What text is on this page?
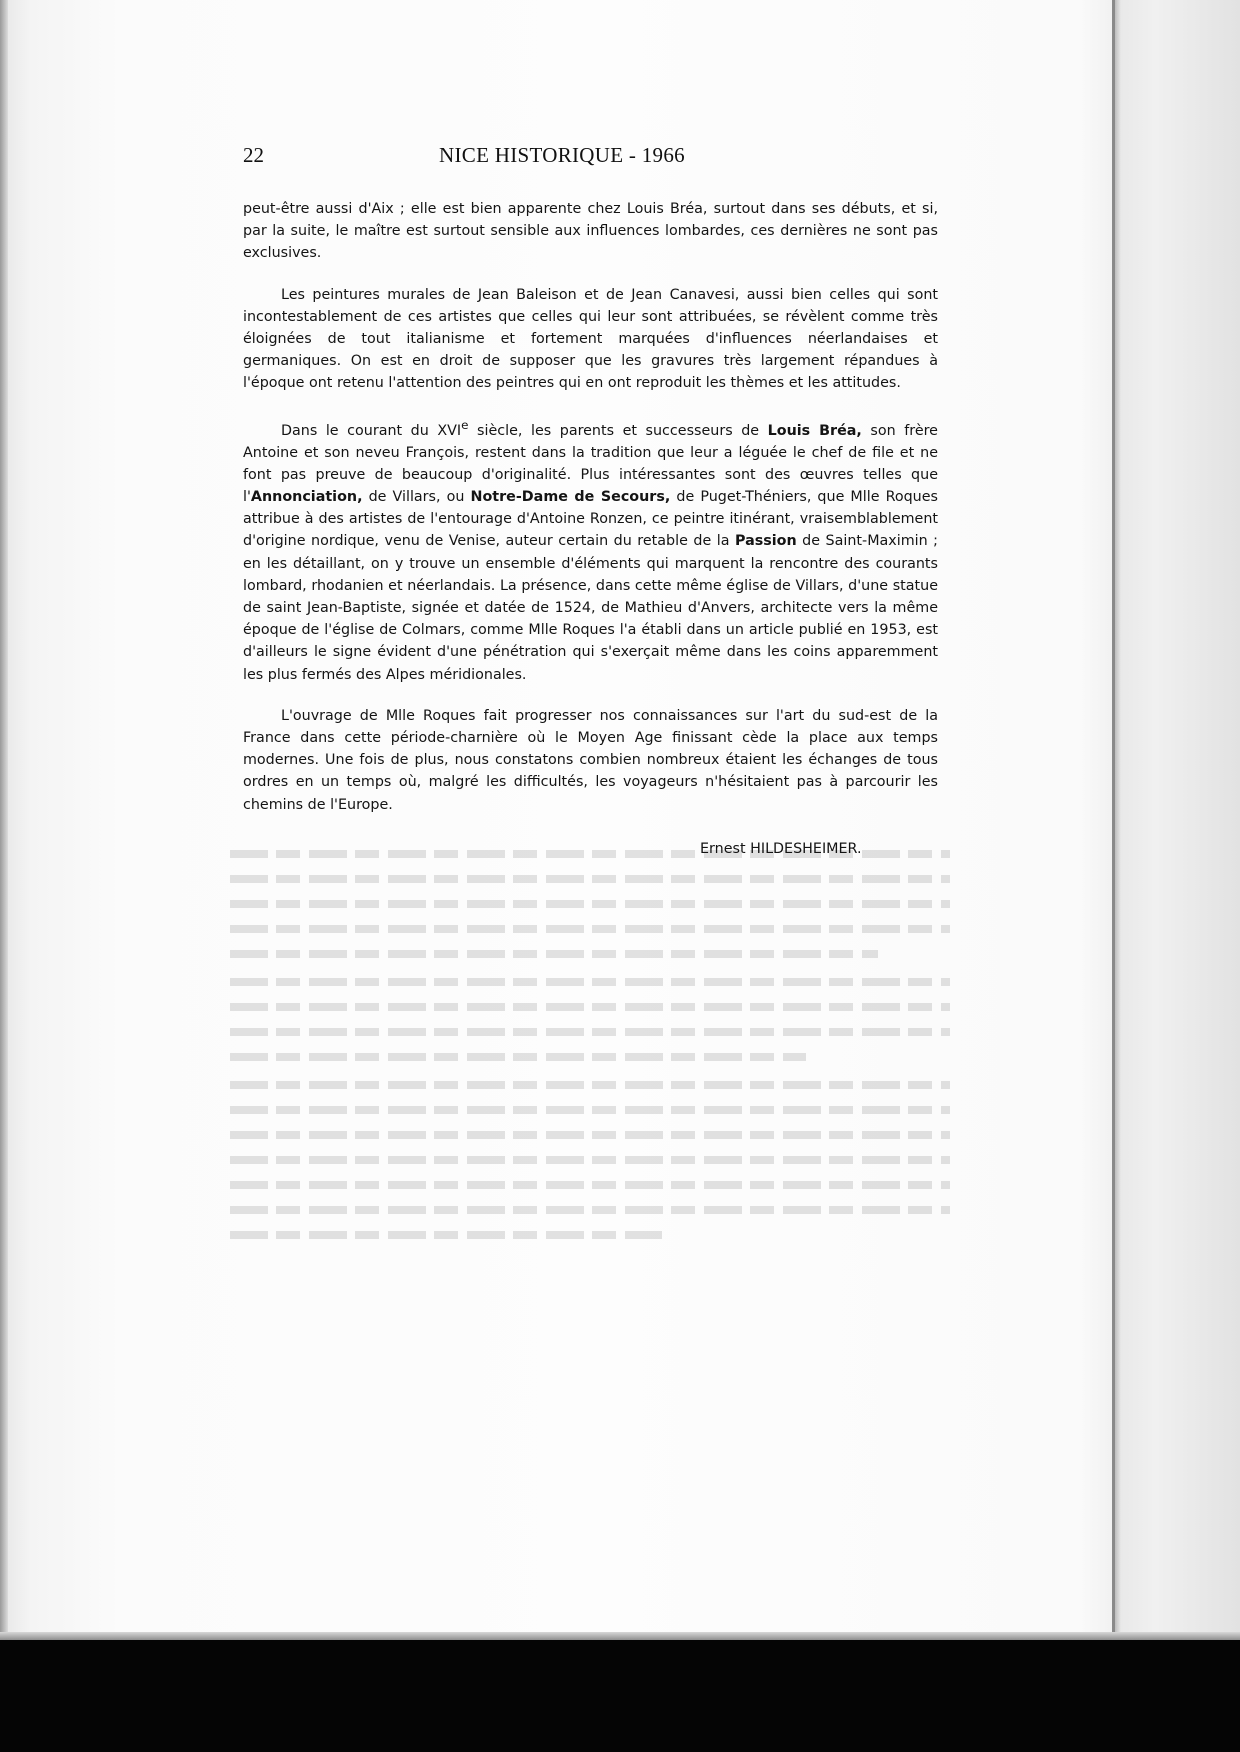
22	NICE HISTORIQUE - 1966

peut-être aussi d'Aix ; elle est bien apparente chez Louis Bréa, surtout dans ses débuts, et si, par la suite, le maître est surtout sensible aux influences lombardes, ces dernières ne sont pas exclusives.

Les peintures murales de Jean Baleison et de Jean Canavesi, aussi bien celles qui sont incontestablement de ces artistes que celles qui leur sont attribuées, se révèlent comme très éloignées de tout italianisme et fortement marquées d'influences néerlandaises et germaniques. On est en droit de supposer que les gravures très largement répandues à l'époque ont retenu l'attention des peintres qui en ont reproduit les thèmes et les attitudes.

Dans le courant du XVIe siècle, les parents et successeurs de Louis Bréa, son frère Antoine et son neveu François, restent dans la tradition que leur a léguée le chef de file et ne font pas preuve de beaucoup d'originalité. Plus intéressantes sont des œuvres telles que l'Annonciation, de Villars, ou Notre-Dame de Secours, de Puget-Théniers, que Mlle Roques attribue à des artistes de l'entourage d'Antoine Ronzen, ce peintre itinérant, vraisemblablement d'origine nordique, venu de Venise, auteur certain du retable de la Passion de Saint-Maximin ; en les détaillant, on y trouve un ensemble d'éléments qui marquent la rencontre des courants lombard, rhodanien et néerlandais. La présence, dans cette même église de Villars, d'une statue de saint Jean-Baptiste, signée et datée de 1524, de Mathieu d'Anvers, architecte vers la même époque de l'église de Colmars, comme Mlle Roques l'a établi dans un article publié en 1953, est d'ailleurs le signe évident d'une pénétration qui s'exerçait même dans les coins apparemment les plus fermés des Alpes méridionales.

L'ouvrage de Mlle Roques fait progresser nos connaissances sur l'art du sud-est de la France dans cette période-charnière où le Moyen Age finissant cède la place aux temps modernes. Une fois de plus, nous constatons combien nombreux étaient les échanges de tous ordres en un temps où, malgré les difficultés, les voyageurs n'hésitaient pas à parcourir les chemins de l'Europe.

Ernest HILDESHEIMER.
